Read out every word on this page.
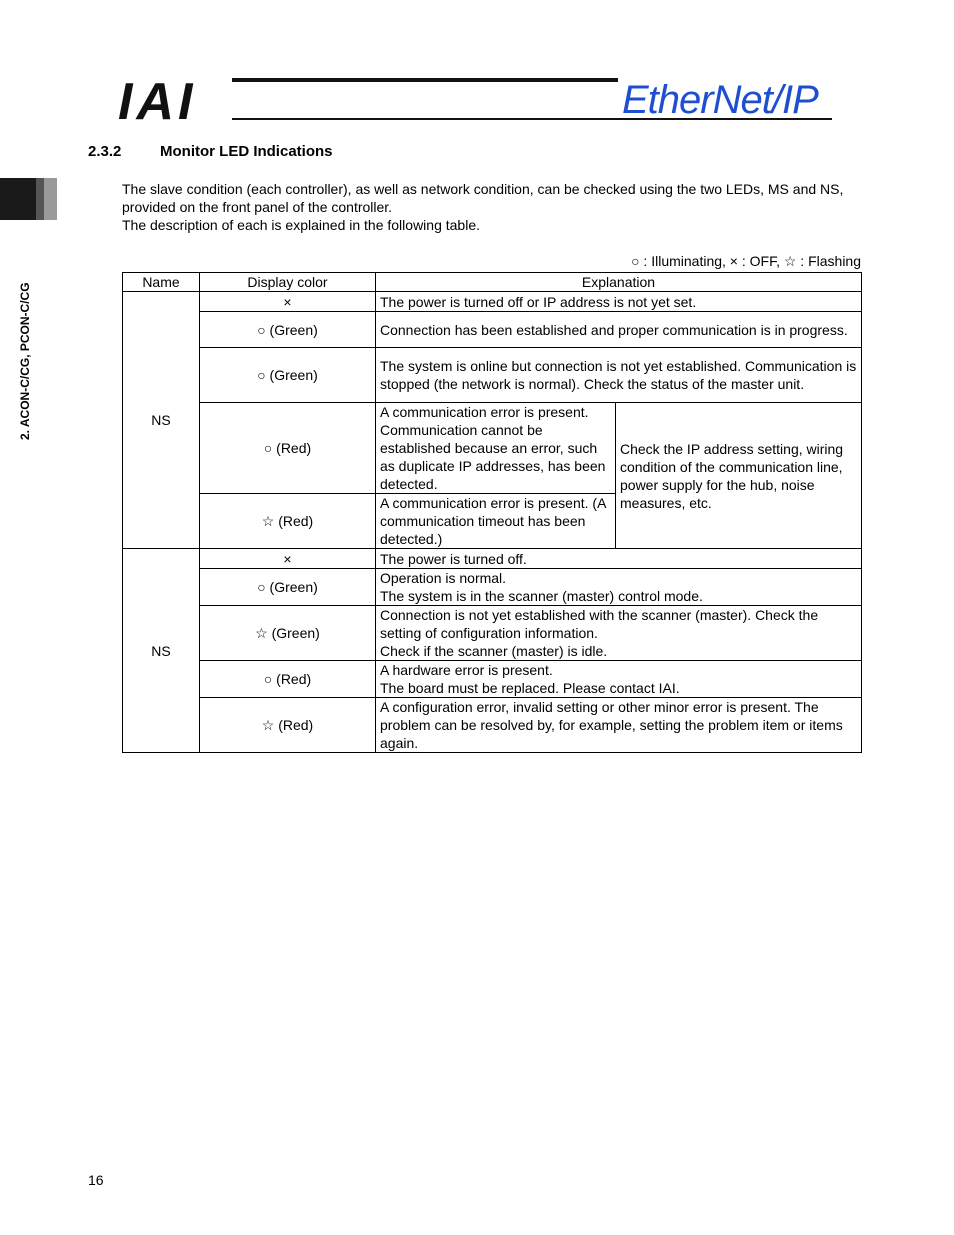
IAI	EtherNet/IP
2. ACON-C/CG, PCON-C/CG
2.3.2	Monitor LED Indications
The slave condition (each controller), as well as network condition, can be checked using the two LEDs, MS and NS, provided on the front panel of the controller.
The description of each is explained in the following table.
○ : Illuminating, × : OFF, ☆ : Flashing
Name	Display color	Explanation	
NS	×	The power is turned off or IP address is not yet set.	
	○ (Green)	Connection has been established and proper communication is in progress.	
	○ (Green)	The system is online but connection is not yet established. Communication is stopped (the network is normal). Check the status of the master unit.	
	○ (Red)	A communication error is present. Communication cannot be established because an error, such as duplicate IP addresses, has been detected.	Check the IP address setting, wiring condition of the communication line, power supply for the hub, noise measures, etc.
	☆ (Red)	A communication error is present. (A communication timeout has been detected.)	
NS	×	The power is turned off.	
	○ (Green)	Operation is normal.
The system is in the scanner (master) control mode.	
	☆ (Green)	Connection is not yet established with the scanner (master). Check the setting of configuration information.
Check if the scanner (master) is idle.	
	○ (Red)	A hardware error is present.
The board must be replaced. Please contact IAI.	
	☆ (Red)	A configuration error, invalid setting or other minor error is present. The problem can be resolved by, for example, setting the problem item or items again.	
16
